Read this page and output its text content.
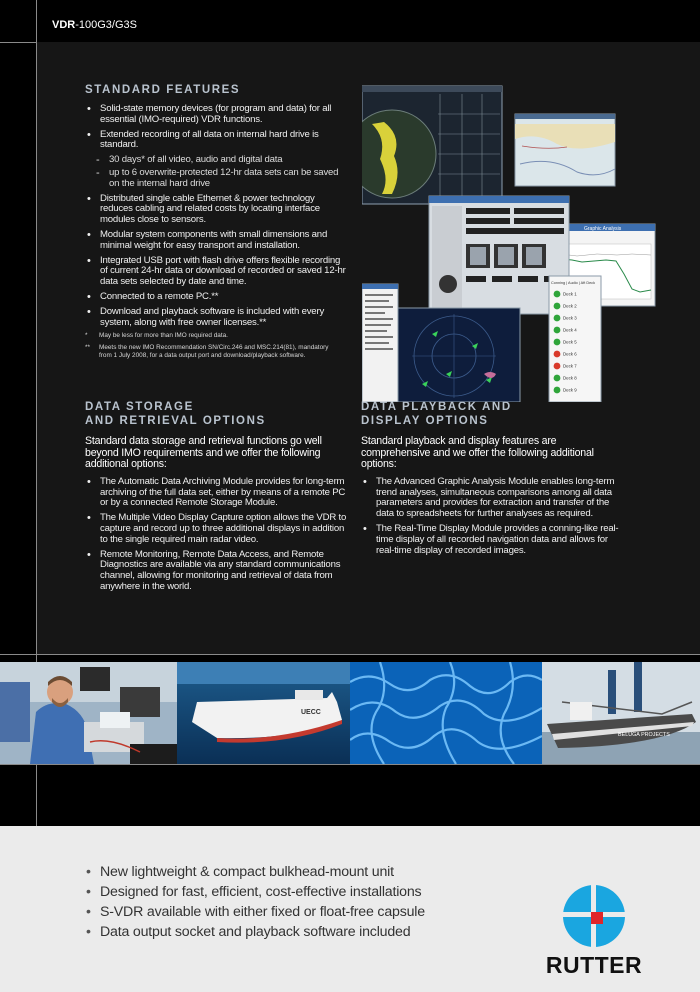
VDR-100G3/G3S
STANDARD FEATURES
• Solid-state memory devices (for program and data) for all essential (IMO-required) VDR functions.
• Extended recording of all data on internal hard drive is standard.
- 30 days* of all video, audio and digital data
- up to 6 overwrite-protected 12-hr data sets can be saved on the internal hard drive
• Distributed single cable Ethernet & power technology reduces cabling and related costs by locating interface modules close to sensors.
• Modular system components with small dimensions and minimal weight for easy transport and installation.
• Integrated USB port with flash drive offers flexible recording of current 24-hr data or download of recorded or saved 12-hr data sets selected by date and time.
• Connected to a remote PC.**
• Download and playback software is included with every system, along with free owner licenses.**
* May be less for more than IMO required data.
** Meets the new IMO Recommendation SN/Circ.246 and MSC.214(81), mandatory from 1 July 2008, for a data output port and download/playback software.
Graphic Analysis
Conning | Audio | Aft Deck
Deck 1
Deck 2
Deck 3
Deck 4
Deck 5
Deck 6
Deck 7
Deck 8
Deck 9
DATA STORAGE
AND RETRIEVAL OPTIONS

Standard data storage and retrieval functions go well beyond IMO requirements and we offer the following additional options:

• The Automatic Data Archiving Module provides for long-term archiving of the full data set, either by means of a remote PC or by a connected Remote Storage Module.
• The Multiple Video Display Capture option allows the VDR to capture and record up to three additional displays in addition to the single required main radar video.
• Remote Monitoring, Remote Data Access, and Remote Diagnostics are available via any standard communications channel, allowing for monitoring and retrieval of data from anywhere in the world.
DATA PLAYBACK AND
DISPLAY OPTIONS

Standard playback and display features are comprehensive and we offer the following additional options:

• The Advanced Graphic Analysis Module enables long-term trend analyses, simultaneous comparisons among all data parameters and provides for extraction and transfer of the data to spreadsheets for further analyses as required.
• The Real-Time Display Module provides a conning-like real-time display of all recorded navigation data and allows for real-time display of recorded images.
UECC
BELUGA PROJECTS
• New lightweight & compact bulkhead-mount unit
• Designed for fast, efficient, cost-effective installations
• S-VDR available with either fixed or float-free capsule
• Data output socket and playback software included
RUTTER
